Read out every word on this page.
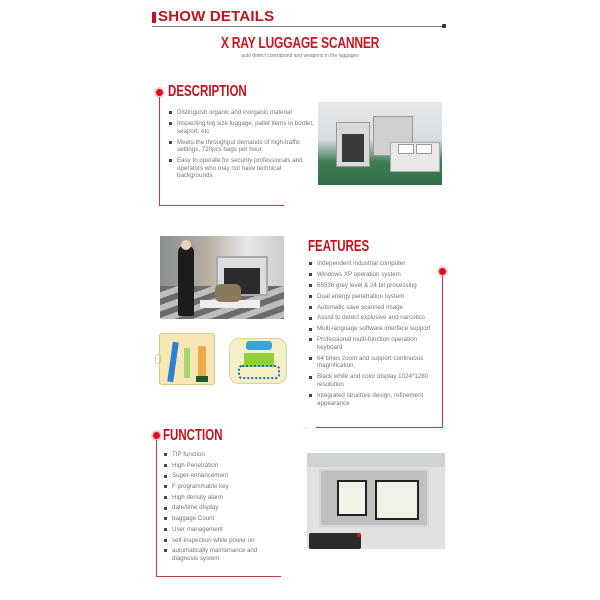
SHOW DETAILS
X RAY LUGGAGE SCANNER
auto detect contraband and weapons in the luggages
DESCRIPTION
Distinguish organic and inorganic material
Inspecting big size luggage, pallet items in border, seaport, etc
Meets the throughput demands of high-traffic settings, 720pcs bags per hour.
Easy to operate for security professionals and operators who may not have technical backgrounds.
FEATURES
Independent industrial computer
Windows XP operation system
65536 grey level & 24 bit processing
Dual energy penetration system
Automatic save scanned image
Assist to detect explosive and narcotics
Multi-language software interface support
Professional multi-function operation keyboard
64 times zoom and support continuous magnification.
Black white and color display 1024*1280 resolution
Integrated structure design, refinement appearance
FUNCTION
TIP function
High Penetration
Super-enhancement
F programmable key
High density alarm
date/time display
baggage Count
User management
self-inspection while power on
automatically maintenance and diagnosis system
